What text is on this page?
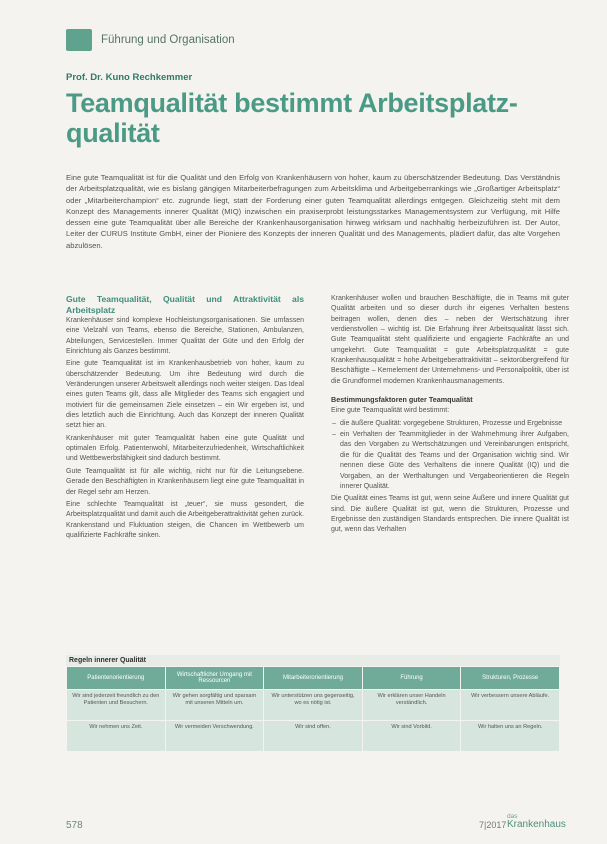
Führung und Organisation
Prof. Dr. Kuno Rechkemmer
Teamqualität bestimmt Arbeitsplatz-qualität

Eine gute Teamqualität ist für die Qualität und den Erfolg von Krankenhäusern von hoher, kaum zu überschätzender Bedeutung. Das Verständnis der Arbeitsplatzqualität, wie es bislang gängigen Mitarbeiterbefragungen zum Arbeitsklima und Arbeitgeberrankings wie „Großartiger Arbeitsplatz“ oder „Mitarbeiterchampion“ etc. zugrunde liegt, statt der Forderung einer guten Teamqualität allerdings entgegen. Gleichzeitig steht mit dem Konzept des Managements innerer Qualität (MIQ) inzwischen ein praxiserprobt leistungsstarkes Managementsystem zur Verfügung, mit Hilfe dessen eine gute Teamqualität über alle Bereiche der Krankenhausorganisation hinweg wirksam und nachhaltig herbeizuführen ist. Der Autor, Leiter der CURUS Institute GmbH, einer der Pioniere des Konzepts der inneren Qualität und des Managements, plädiert dafür, das alte Vorgehen abzulösen.

Gute Teamqualität, Qualität und Attraktivität als Arbeitsplatz

Krankenhäuser sind komplexe Hochleistungsorganisationen. Sie umfassen eine Vielzahl von Teams, ebenso die Bereiche, Stationen, Ambulanzen, Abteilungen, Servicestellen. Immer Qualität der Güte und den Erfolg der Einrichtung als Ganzes bestimmt.

Eine gute Teamqualität ist im Krankenhausbetrieb von hoher, kaum zu überschätzender Bedeutung. Um ihre Bedeutung wird durch die Veränderungen unserer Arbeitswelt allerdings noch weiter steigen. Das Ideal eines guten Teams gilt, dass alle Mitglieder des Teams sich engagiert und motiviert für die gemeinsamen Ziele einsetzen – ein Wir ergeben ist, und dies letztlich auch die Einrichtung. Auch das Konzept der inneren Qualität setzt hier an.

Krankenhäuser mit guter Teamqualität haben eine gute Qualität und optimalen Erfolg. Patientenwohl, Mitarbeiterzufriedenheit, Wirtschaftlichkeit und Wettbewerbsfähigkeit sind dadurch bestimmt.

Gute Teamqualität ist für alle wichtig, nicht nur für die Leitungsebene. Gerade den Beschäftigten in Krankenhäusern liegt eine gute Teamqualität in der Regel sehr am Herzen.

Eine schlechte Teamqualität ist „teuer“, sie muss gesondert, die Arbeitsplatzqualität und damit auch die Arbeitgeberattraktivität gehen zurück. Krankenstand und Fluktuation steigen, die Chancen im Wettbewerb um qualifizierte Fachkräfte sinken.

Krankenhäuser wollen und brauchen Beschäftigte, die in Teams mit guter Qualität arbeiten und so dieser durch ihr eigenes Verhalten bestens beitragen wollen, denen dies – neben der Wertschätzung ihrer verdienstvollen – wichtig ist. Die Erfahrung ihrer Arbeitsqualität lässt sich. Gute Teamqualität steht qualifizierte und engagierte Fachkräfte an und umgekehrt. Gute Teamqualität = gute Arbeitsplatzqualität = gute Krankenhausqualität = hohe Arbeitgeberattraktivität – sektorübergreifend für Beschäftigte – Kernelement der Unternehmens- und Personalpolitik, über ist die Grundformel modernen Krankenhausmanagements.

Bestimmungsfaktoren guter Teamqualität

Eine gute Teamqualität wird bestimmt:

– die äußere Qualität: vorgegebene Strukturen, Prozesse und Ergebnisse
– ein Verhalten der Teammitglieder in der Wahrnehmung ihrer Aufgaben, das den Vorgaben zu Wertschätzungen und Vereinbarungen entspricht, die für die Qualität des Teams und der Organisation wichtig sind. Wir nennen diese Güte des Verhaltens die innere Qualität (IQ) und die Vorgaben, an der Werthaltungen und Vergabeorientieren die Regeln innerer Qualität.

Die Qualität eines Teams ist gut, wenn seine Äußere und innere Qualität gut sind. Die äußere Qualität ist gut, wenn die Strukturen, Prozesse und Ergebnisse den zuständigen Standards entsprechen. Die innere Qualität ist gut, wenn das Verhalten

Regeln innerer Qualität
Patientenorientierung	Wirtschaftlicher Umgang mit Ressourcen	Mitarbeiterorientierung	Führung	Strukturen, Prozesse
Wir sind jederzeit freundlich zu den Patienten und Besuchern.	Wir gehen sorgfältig und sparsam mit unseren Mitteln um.	Wir unterstützen uns gegenseitig, wo es nötig ist.	Wir erklären unser Handeln verständlich.	Wir verbessern unsere Abläufe.
Wir nehmen uns Zeit.	Wir vermeiden Verschwendung.	Wir sind offen.	Wir sind Vorbild.	Wir halten uns an Regeln.
578	7|2017
das
Krankenhaus
